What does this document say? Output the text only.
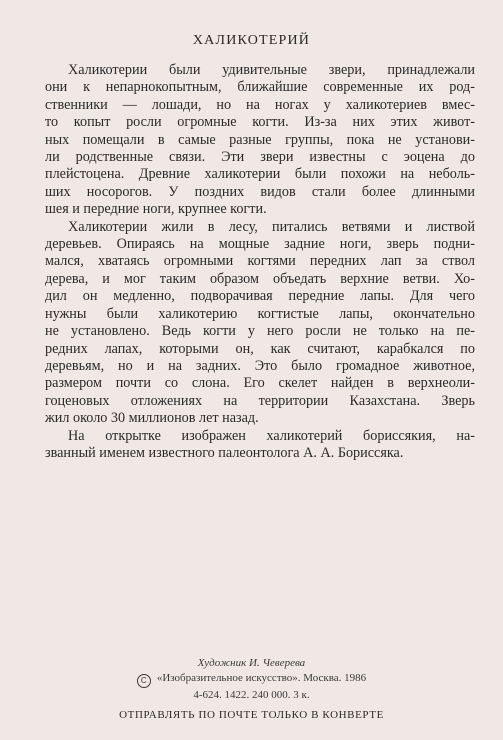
ХАЛИКОТЕРИЙ
Халикотерии были удивительные звери, принадлежали
они к непарнокопытным, ближайшие современные их род-
ственники — лошади, но на ногах у халикотериев вмес-
то копыт росли огромные когти. Из-за них этих живот-
ных помещали в самые разные группы, пока не установи-
ли родственные связи. Эти звери известны с эоцена до
плейстоцена. Древние халикотерии были похожи на неболь-
ших носорогов. У поздних видов стали более длинными
шея и передние ноги, крупнее когти.
Халикотерии жили в лесу, питались ветвями и листвой
деревьев. Опираясь на мощные задние ноги, зверь подни-
мался, хватаясь огромными когтями передних лап за ствол
дерева, и мог таким образом объедать верхние ветви. Хо-
дил он медленно, подворачивая передние лапы. Для чего
нужны были халикотерию когтистые лапы, окончательно
не установлено. Ведь когти у него росли не только на пе-
редних лапах, которыми он, как считают, карабкался по
деревьям, но и на задних. Это было громадное животное,
размером почти со слона. Его скелет найден в верхнеоли-
гоценовых отложениях на территории Казахстана. Зверь
жил около 30 миллионов лет назад.
На открытке изображен халикотерий бориссякия, на-
званный именем известного палеонтолога А. А. Борисcяка.
Художник И. Чеверева
C «Изобразительное искусство». Москва. 1986
4-624. 1422. 240 000. 3 к.
ОТПРАВЛЯТЬ ПО ПОЧТЕ ТОЛЬКО В КОНВЕРТЕ
